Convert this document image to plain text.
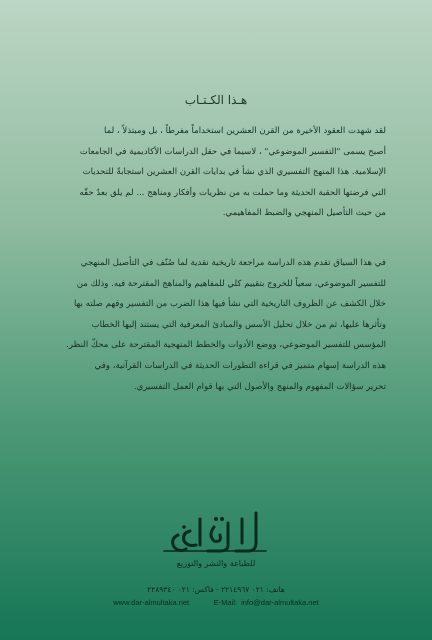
هـذا الكـتـاب
لقد شهدت العقود الأخيرة من القرن العشرين استخداماً مفرطاً ، بل ومبتذلاً ، لما
أصبح يسمى "التفسير الموضوعي" ، لاسيما في حقل الدراسات الأكاديمية في الجامعات
الإسلامية. هذا المنهج التفسيري الذي نشأ في بدايات القرن العشرين استجابةً للتحديات
التي فرضتها الحقبة الحديثة وما حملت به من نظريات وأفكار ومناهج ... لم يلق بعدُ حقّه
من حيث التأصيل المنهجي والضبط المفاهيمي.
في هذا السياق تقدم هذه الدراسة مراجعة تاريخية نقدية لما صُنّف في التأصيل المنهجي
للتفسير الموضوعي، سعياً للخروج بتقييم كلي للمفاهيم والمناهج المقترحة فيه. وذلك من
خلال الكشف عن الظروف التاريخية التي نشأ فيها هذا الضرب من التفسير وفهم صلته بها
وتأثرها عليها، ثم من خلال تحليل الأسس والمبادئ المعرفية التي يستند إليها الخطاب
المؤسس للتفسير الموضوعي، ووضع الأدوات والخطط المنهجية المقترحة على محكّ النظر.
هذه الدراسة إسهام متميز في قراءة التطورات الحديثة في الدراسات القرآنية، وفي
تحرير سؤالات المفهوم والمنهج والأصول التي بها قوام العمل التفسيري.
للطباعة والنشر والتوزيع
هاتف: ٠٢١ ٢٢١٤٩٦٧ - فاكس: ٠٢١ ٢٢٨٩٣٤٠
www.dar-almultaka.net	E-Mail: info@dar-almultaka.net
